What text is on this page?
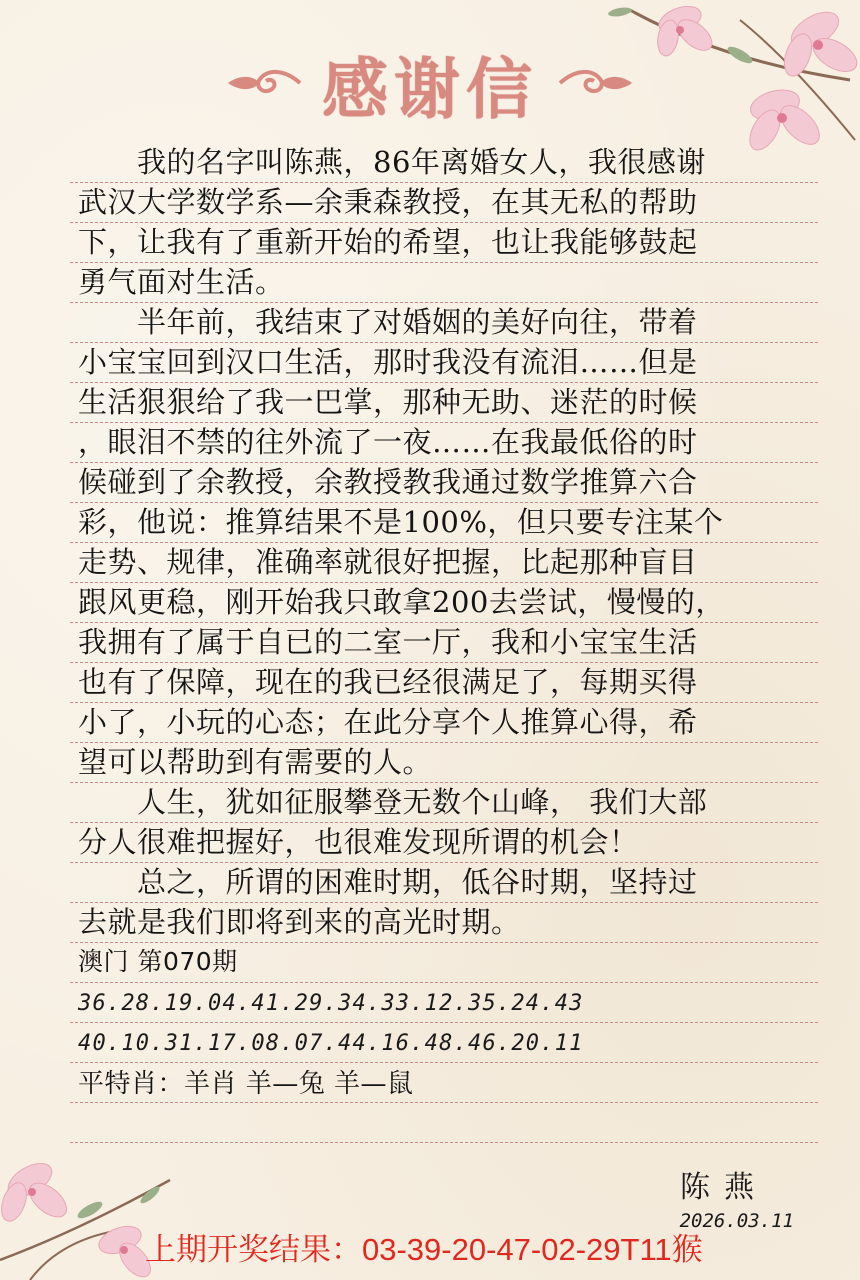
感谢信
　　我的名字叫陈燕，86年离婚女人，我很感谢
武汉大学数学系—余秉森教授，在其无私的帮助
下，让我有了重新开始的希望，也让我能够鼓起
勇气面对生活。
　　半年前，我结束了对婚姻的美好向往，带着
小宝宝回到汉口生活，那时我没有流泪……但是
生活狠狠给了我一巴掌，那种无助、迷茫的时候
，眼泪不禁的往外流了一夜……在我最低俗的时
候碰到了余教授，余教授教我通过数学推算六合
彩，他说：推算结果不是100%，但只要专注某个
走势、规律，准确率就很好把握，比起那种盲目
跟风更稳，刚开始我只敢拿200去尝试，慢慢的，
我拥有了属于自已的二室一厅，我和小宝宝生活
也有了保障，现在的我已经很满足了，每期买得
小了，小玩的心态；在此分享个人推算心得，希
望可以帮助到有需要的人。
　　人生，犹如征服攀登无数个山峰， 我们大部
分人很难把握好，也很难发现所谓的机会！
　　总之，所谓的困难时期，低谷时期，坚持过
去就是我们即将到来的高光时期。
澳门 第070期
36.28.19.04.41.29.34.33.12.35.24.43
40.10.31.17.08.07.44.16.48.46.20.11
平特肖：羊肖 羊—兔 羊—鼠
陈燕
2026.03.11
上期开奖结果：03-39-20-47-02-29T11猴
